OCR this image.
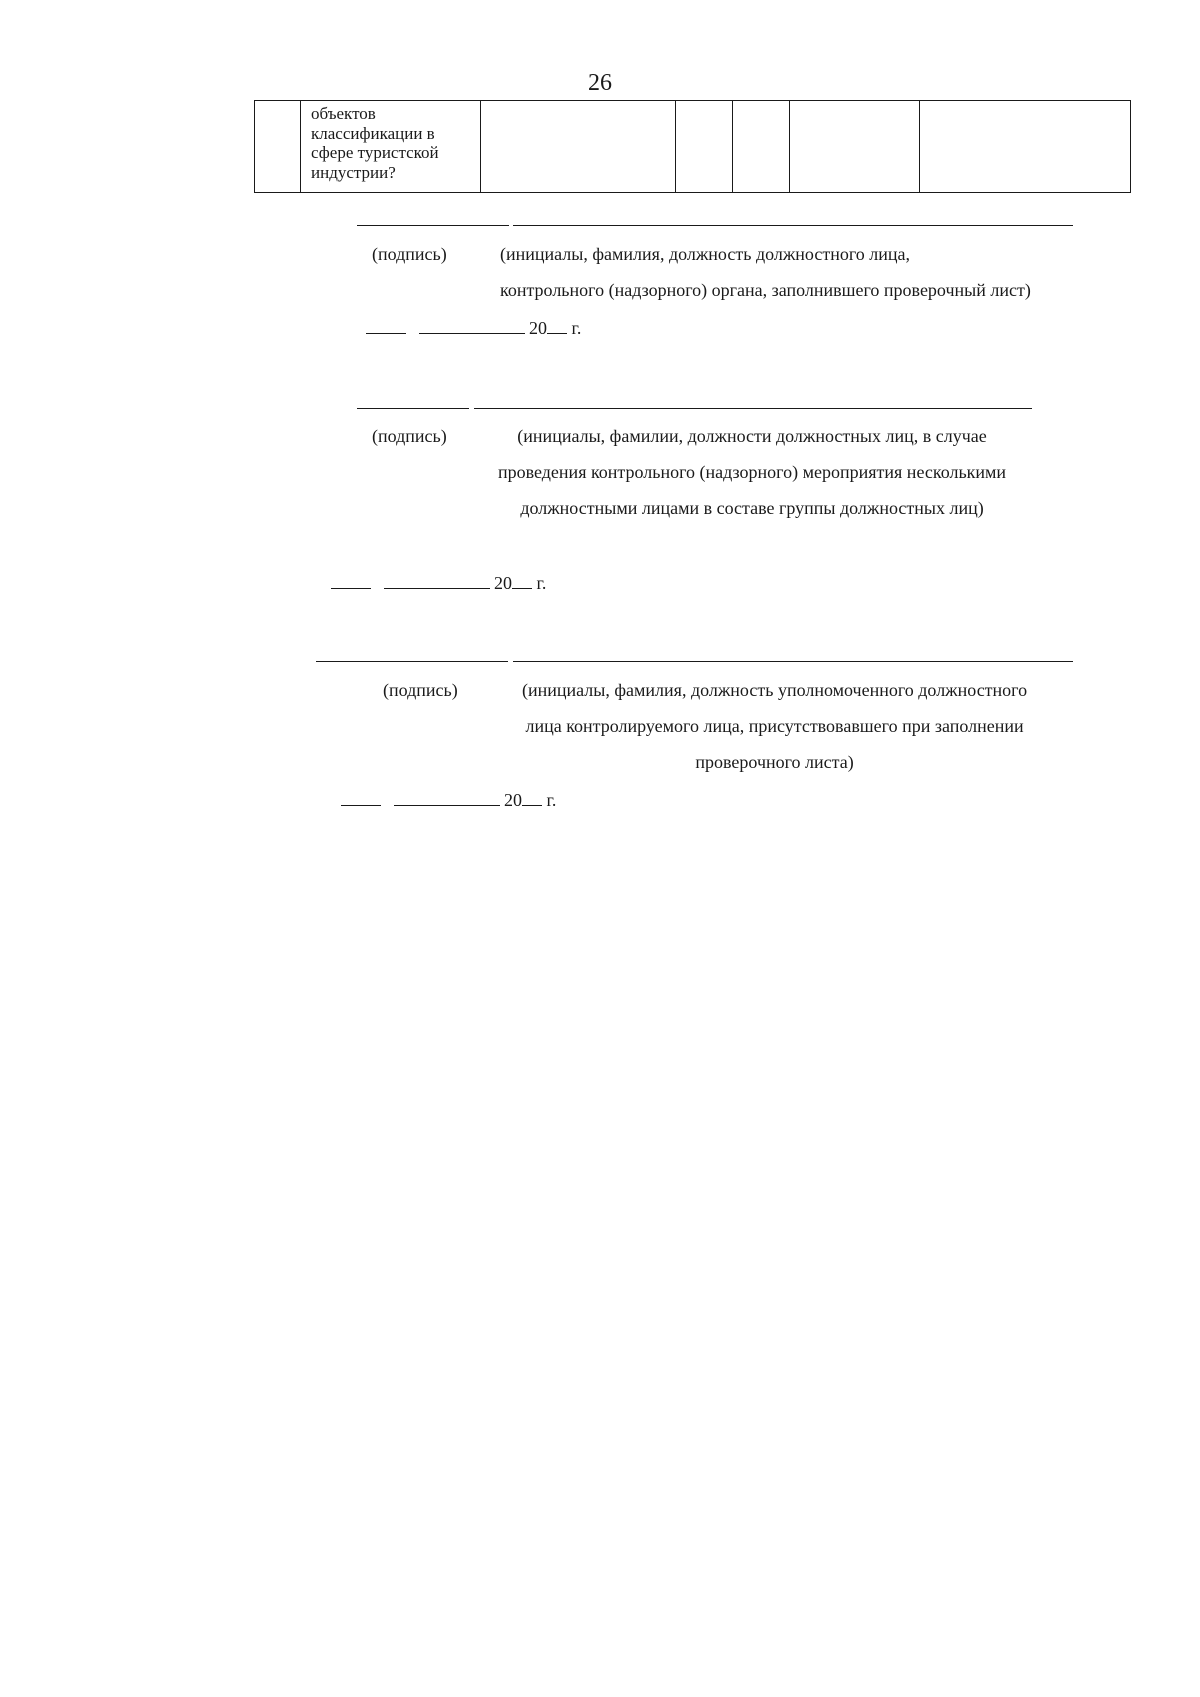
26

объектов
классификации в
сфере туристской
индустрии?

(подпись)	(инициалы, фамилия, должность должностного лица,
контрольного (надзорного) органа, заполнившего проверочный лист)
20 г.
(подпись)	(инициалы, фамилии, должности должностных лиц, в случае
проведения контрольного (надзорного) мероприятия несколькими
должностными лицами в составе группы должностных лиц)
20 г.
(подпись)	(инициалы, фамилия, должность уполномоченного должностного
лица контролируемого лица, присутствовавшего при заполнении
проверочного листа)
20 г.
